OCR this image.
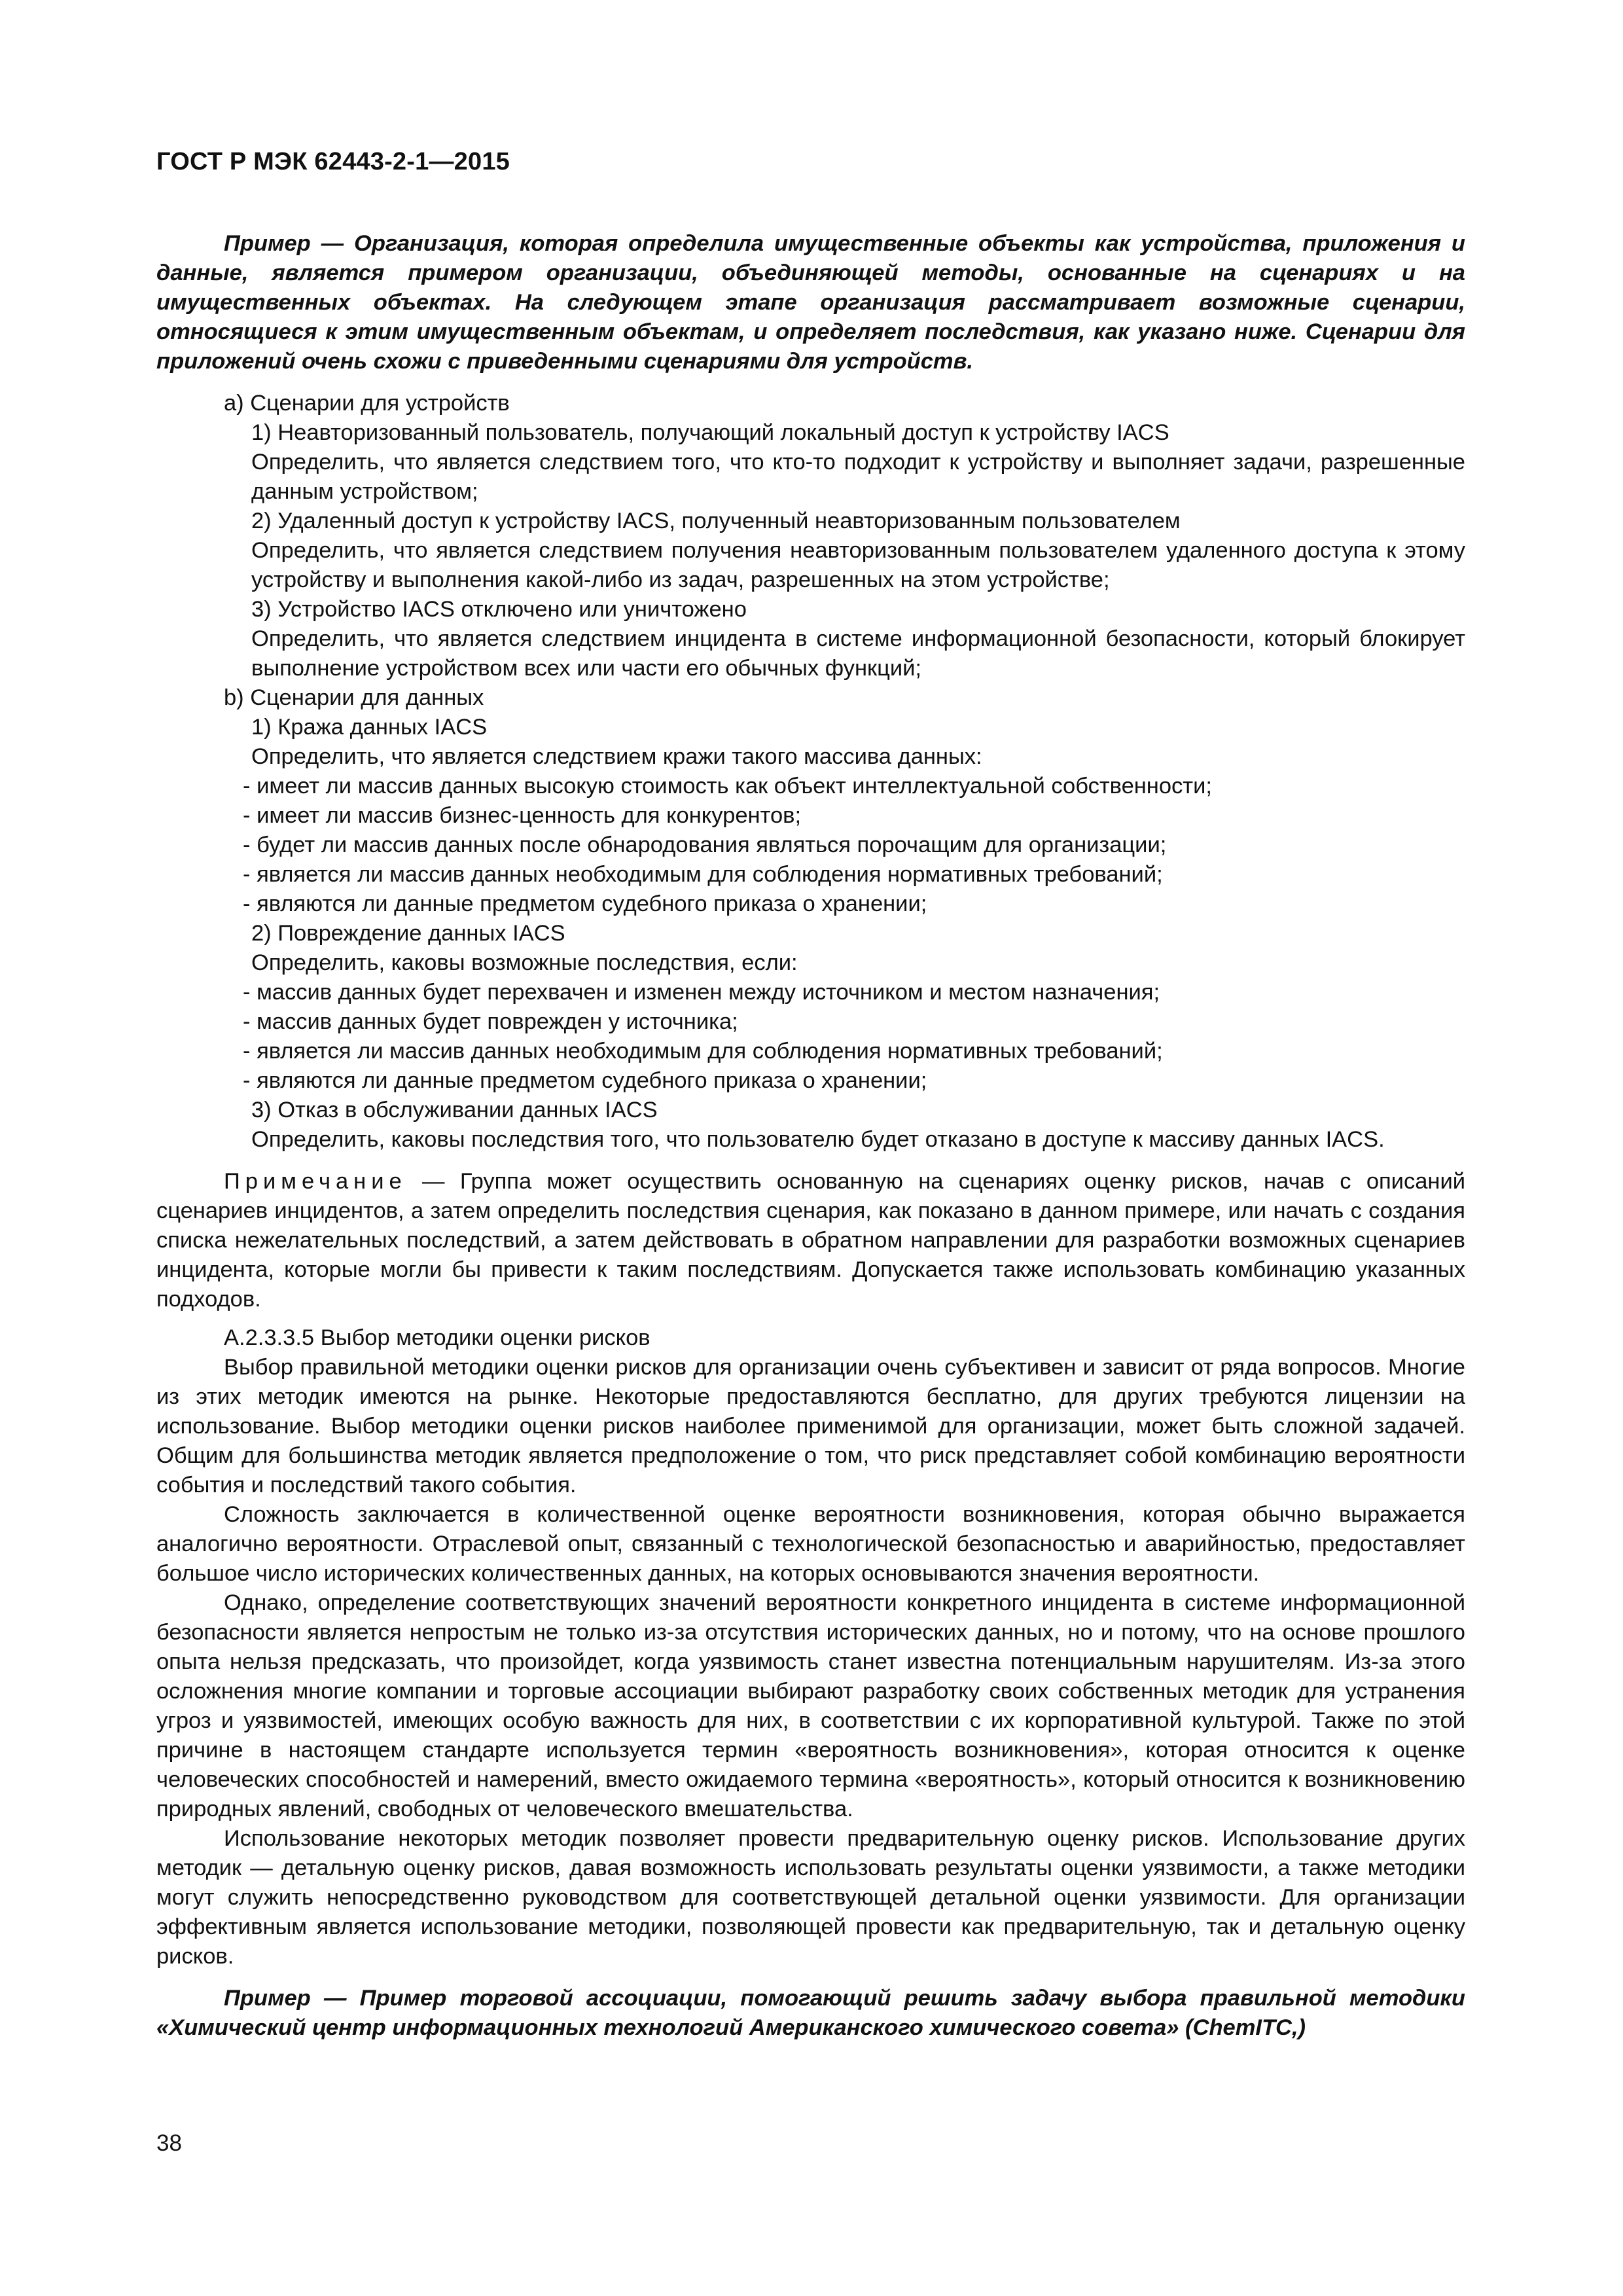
ГОСТ Р МЭК 62443-2-1—2015

Пример — Организация, которая определила имущественные объекты как устройства, приложения и данные, является примером организации, объединяющей методы, основанные на сценариях и на имущественных объектах. На следующем этапе организация рассматривает возможные сценарии, относящиеся к этим имущественным объектам, и определяет последствия, как указано ниже. Сценарии для приложений очень схожи с приведенными сценариями для устройств.

а) Сценарии для устройств

1) Неавторизованный пользователь, получающий локальный доступ к устройству IACS

Определить, что является следствием того, что кто-то подходит к устройству и выполняет задачи, разрешенные данным устройством;

2) Удаленный доступ к устройству IACS, полученный неавторизованным пользователем

Определить, что является следствием получения неавторизованным пользователем удаленного доступа к этому устройству и выполнения какой-либо из задач, разрешенных на этом устройстве;

3) Устройство IACS отключено или уничтожено

Определить, что является следствием инцидента в системе информационной безопасности, который блокирует выполнение устройством всех или части его обычных функций;

b) Сценарии для данных

1) Кража данных IACS

Определить, что является следствием кражи такого массива данных:

- имеет ли массив данных высокую стоимость как объект интеллектуальной собственности;

- имеет ли массив бизнес-ценность для конкурентов;

- будет ли массив данных после обнародования являться порочащим для организации;

- является ли массив данных необходимым для соблюдения нормативных требований;

- являются ли данные предметом судебного приказа о хранении;

2) Повреждение данных IACS

Определить, каковы возможные последствия, если:

- массив данных будет перехвачен и изменен между источником и местом назначения;

- массив данных будет поврежден у источника;

- является ли массив данных необходимым для соблюдения нормативных требований;

- являются ли данные предметом судебного приказа о хранении;

3) Отказ в обслуживании данных IACS

Определить, каковы последствия того, что пользователю будет отказано в доступе к массиву данных IACS.

Примечание — Группа может осуществить основанную на сценариях оценку рисков, начав с описаний сценариев инцидентов, а затем определить последствия сценария, как показано в данном примере, или начать с создания списка нежелательных последствий, а затем действовать в обратном направлении для разработки возможных сценариев инцидента, которые могли бы привести к таким последствиям. Допускается также использовать комбинацию указанных подходов.

А.2.3.3.5 Выбор методики оценки рисков

Выбор правильной методики оценки рисков для организации очень субъективен и зависит от ряда вопросов. Многие из этих методик имеются на рынке. Некоторые предоставляются бесплатно, для других требуются лицензии на использование. Выбор методики оценки рисков наиболее применимой для организации, может быть сложной задачей. Общим для большинства методик является предположение о том, что риск представляет собой комбинацию вероятности события и последствий такого события.

Сложность заключается в количественной оценке вероятности возникновения, которая обычно выражается аналогично вероятности. Отраслевой опыт, связанный с технологической безопасностью и аварийностью, предоставляет большое число исторических количественных данных, на которых основываются значения вероятности.

Однако, определение соответствующих значений вероятности конкретного инцидента в системе информационной безопасности является непростым не только из-за отсутствия исторических данных, но и потому, что на основе прошлого опыта нельзя предсказать, что произойдет, когда уязвимость станет известна потенциальным нарушителям. Из-за этого осложнения многие компании и торговые ассоциации выбирают разработку своих собственных методик для устранения угроз и уязвимостей, имеющих особую важность для них, в соответствии с их корпоративной культурой. Также по этой причине в настоящем стандарте используется термин «вероятность возникновения», которая относится к оценке человеческих способностей и намерений, вместо ожидаемого термина «вероятность», который относится к возникновению природных явлений, свободных от человеческого вмешательства.

Использование некоторых методик позволяет провести предварительную оценку рисков. Использование других методик — детальную оценку рисков, давая возможность использовать результаты оценки уязвимости, а также методики могут служить непосредственно руководством для соответствующей детальной оценки уязвимости. Для организации эффективным является использование методики, позволяющей провести как предварительную, так и детальную оценку рисков.

Пример — Пример торговой ассоциации, помогающий решить задачу выбора правильной методики «Химический центр информационных технологий Американского химического совета» (ChemITC,)

38
